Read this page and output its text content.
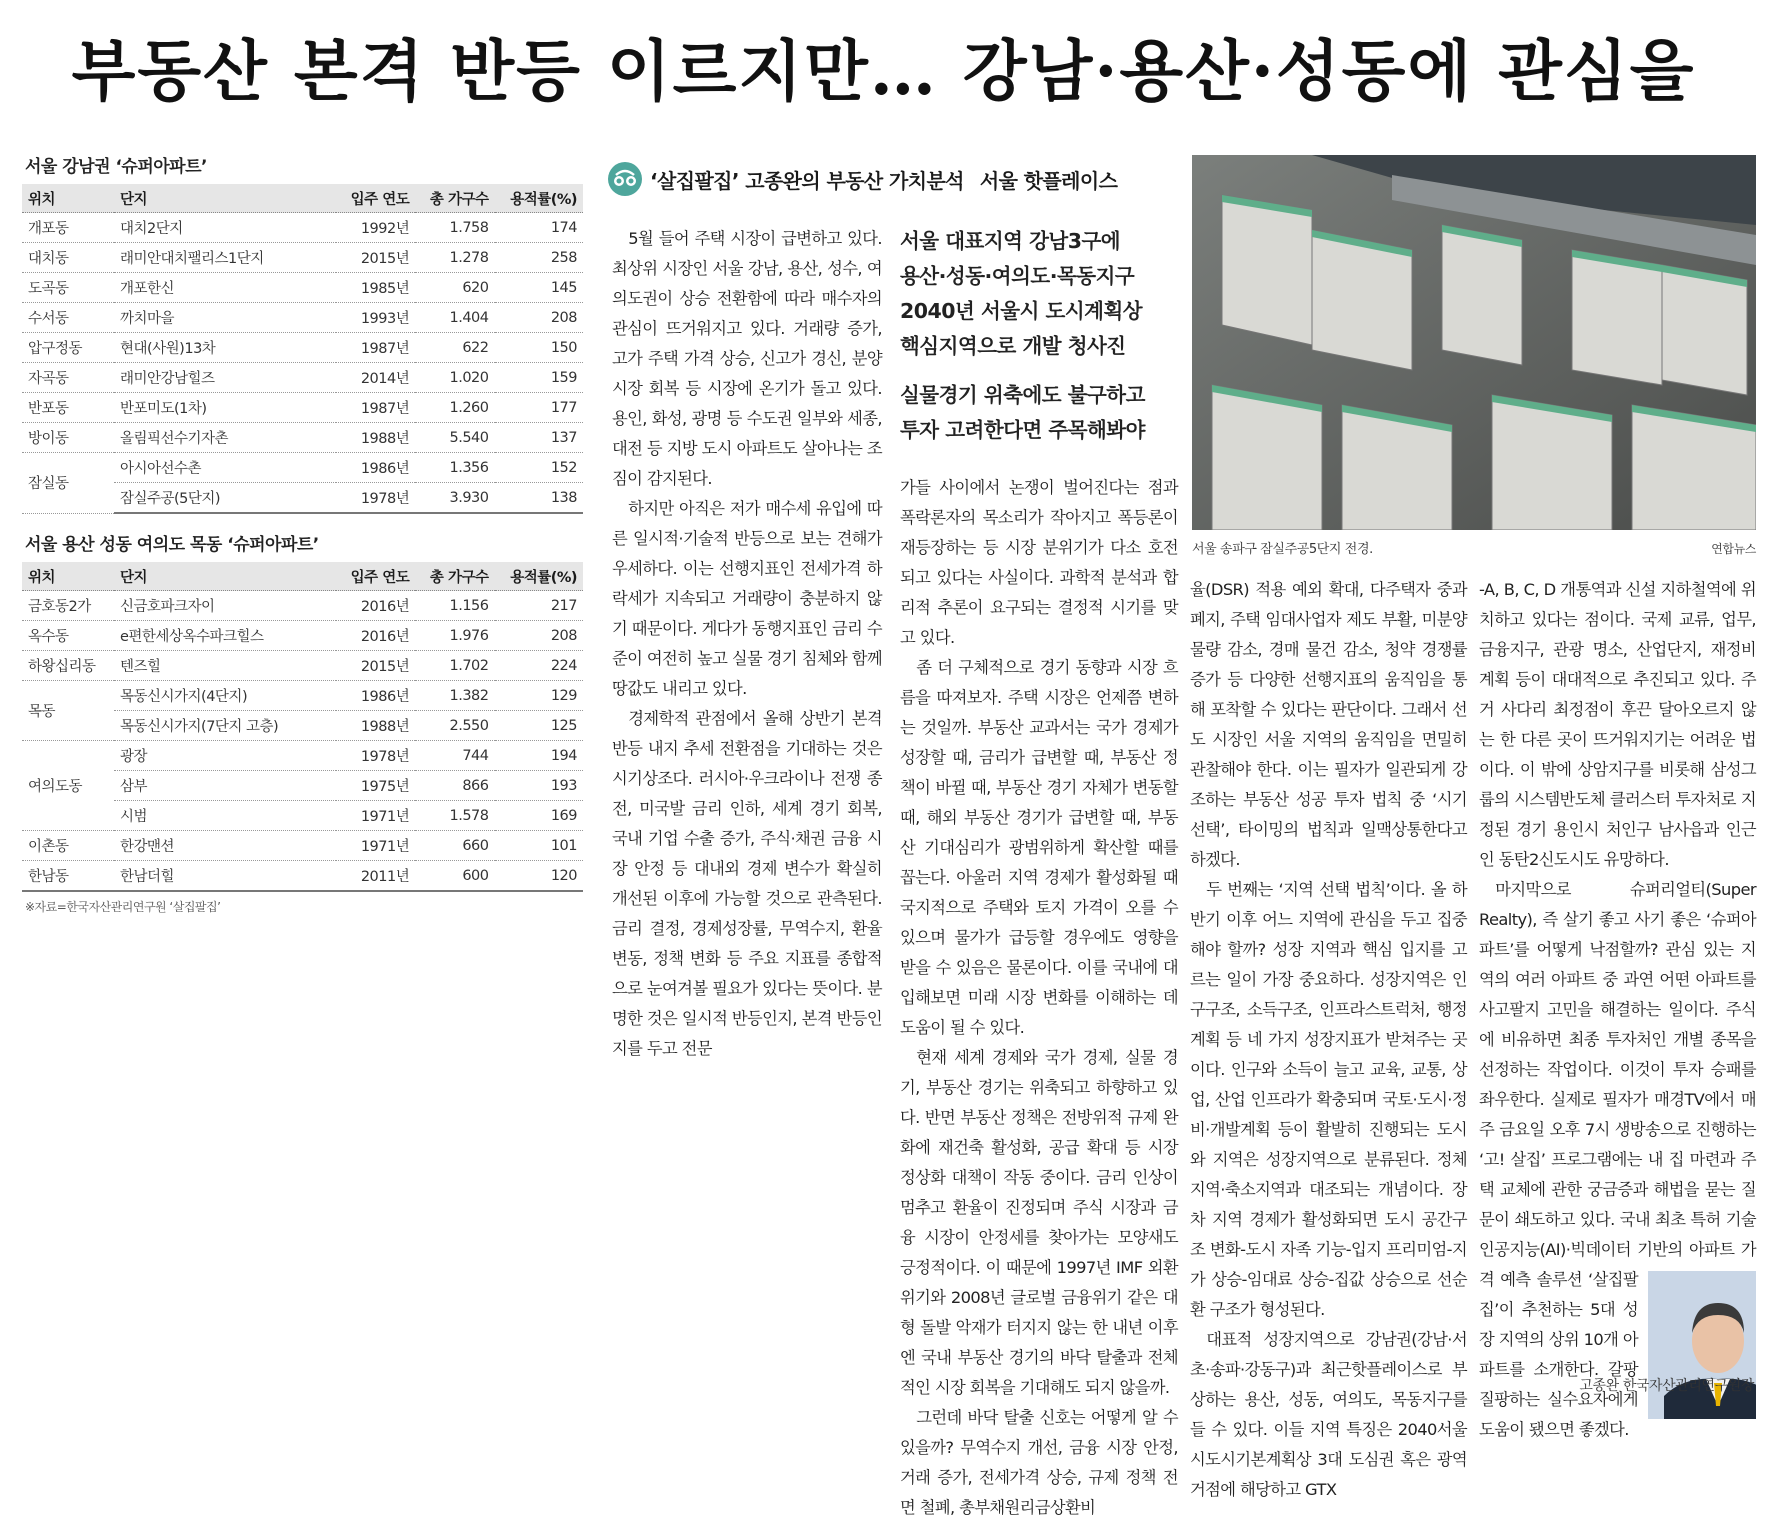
부동산 본격 반등 이르지만… 강남·용산·성동에 관심을
서울 강남권 ‘슈퍼아파트’
위치	단지	입주 연도	총 가구수	용적률(%)
개포동	대치2단지	1992년	1.758	174
대치동	래미안대치팰리스1단지	2015년	1.278	258
도곡동	개포한신	1985년	620	145
수서동	까치마을	1993년	1.404	208
압구정동	현대(사원)13차	1987년	622	150
자곡동	래미안강남힐즈	2014년	1.020	159
반포동	반포미도(1차)	1987년	1.260	177
방이동	올림픽선수기자촌	1988년	5.540	137
잠실동	아시아선수촌	1986년	1.356	152
	잠실주공(5단지)	1978년	3.930	138
서울 용산 성동 여의도 목동 ‘슈퍼아파트’
위치	단지	입주 연도	총 가구수	용적률(%)
금호동2가	신금호파크자이	2016년	1.156	217
옥수동	e편한세상옥수파크힐스	2016년	1.976	208
하왕십리동	텐즈힐	2015년	1.702	224
목동	목동신시가지(4단지)	1986년	1.382	129
	목동신시가지(7단지 고층)	1988년	2.550	125
여의도동	광장	1978년	744	194
	삼부	1975년	866	193
	시범	1971년	1.578	169
이촌동	한강맨션	1971년	660	101
한남동	한남더힐	2011년	600	120
※자료=한국자산관리연구원 ‘살집팔집’
‘살집팔집’ 고종완의 부동산 가치분석 서울 핫플레이스

5월 들어 주택 시장이 급변하고 있다. 최상위 시장인 서울 강남, 용산, 성수, 여의도권이 상승 전환함에 따라 매수자의 관심이 뜨거워지고 있다. 거래량 증가, 고가 주택 가격 상승, 신고가 경신, 분양 시장 회복 등 시장에 온기가 돌고 있다. 용인, 화성, 광명 등 수도권 일부와 세종, 대전 등 지방 도시 아파트도 살아나는 조짐이 감지된다.

하지만 아직은 저가 매수세 유입에 따른 일시적·기술적 반등으로 보는 견해가 우세하다. 이는 선행지표인 전세가격 하락세가 지속되고 거래량이 충분하지 않기 때문이다. 게다가 동행지표인 금리 수준이 여전히 높고 실물 경기 침체와 함께 땅값도 내리고 있다.

경제학적 관점에서 올해 상반기 본격 반등 내지 추세 전환점을 기대하는 것은 시기상조다. 러시아·우크라이나 전쟁 종전, 미국발 금리 인하, 세계 경기 회복, 국내 기업 수출 증가, 주식·채권 금융 시장 안정 등 대내외 경제 변수가 확실히 개선된 이후에 가능할 것으로 관측된다. 금리 결정, 경제성장률, 무역수지, 환율 변동, 정책 변화 등 주요 지표를 종합적으로 눈여겨볼 필요가 있다는 뜻이다. 분명한 것은 일시적 반등인지, 본격 반등인지를 두고 전문

서울 대표지역 강남3구에
용산·성동·여의도·목동지구
2040년 서울시 도시계획상
핵심지역으로 개발 청사진
실물경기 위축에도 불구하고
투자 고려한다면 주목해봐야

가들 사이에서 논쟁이 벌어진다는 점과 폭락론자의 목소리가 작아지고 폭등론이 재등장하는 등 시장 분위기가 다소 호전되고 있다는 사실이다. 과학적 분석과 합리적 추론이 요구되는 결정적 시기를 맞고 있다.

좀 더 구체적으로 경기 동향과 시장 흐름을 따져보자. 주택 시장은 언제쯤 변하는 것일까. 부동산 교과서는 국가 경제가 성장할 때, 금리가 급변할 때, 부동산 정책이 바뀔 때, 부동산 경기 자체가 변동할 때, 해외 부동산 경기가 급변할 때, 부동산 기대심리가 광범위하게 확산할 때를 꼽는다. 아울러 지역 경제가 활성화될 때 국지적으로 주택와 토지 가격이 오를 수 있으며 물가가 급등할 경우에도 영향을 받을 수 있음은 물론이다. 이를 국내에 대입해보면 미래 시장 변화를 이해하는 데 도움이 될 수 있다.

현재 세계 경제와 국가 경제, 실물 경기, 부동산 경기는 위축되고 하향하고 있다. 반면 부동산 정책은 전방위적 규제 완화에 재건축 활성화, 공급 확대 등 시장 정상화 대책이 작동 중이다. 금리 인상이 멈추고 환율이 진정되며 주식 시장과 금융 시장이 안정세를 찾아가는 모양새도 긍정적이다. 이 때문에 1997년 IMF 외환위기와 2008년 글로벌 금융위기 같은 대형 돌발 악재가 터지지 않는 한 내년 이후엔 국내 부동산 경기의 바닥 탈출과 전체적인 시장 회복을 기대해도 되지 않을까.

그런데 바닥 탈출 신호는 어떻게 알 수 있을까? 무역수지 개선, 금융 시장 안정, 거래 증가, 전세가격 상승, 규제 정책 전면 철폐, 총부채원리금상환비

서울 송파구 잠실주공5단지 전경.	연합뉴스

율(DSR) 적용 예외 확대, 다주택자 중과 폐지, 주택 임대사업자 제도 부활, 미분양 물량 감소, 경매 물건 감소, 청약 경쟁률 증가 등 다양한 선행지표의 움직임을 통해 포착할 수 있다는 판단이다. 그래서 선도 시장인 서울 지역의 움직임을 면밀히 관찰해야 한다. 이는 필자가 일관되게 강조하는 부동산 성공 투자 법칙 중 ‘시기 선택’, 타이밍의 법칙과 일맥상통한다고 하겠다.

두 번째는 ‘지역 선택 법칙’이다. 올 하반기 이후 어느 지역에 관심을 두고 집중해야 할까? 성장 지역과 핵심 입지를 고르는 일이 가장 중요하다. 성장지역은 인구구조, 소득구조, 인프라스트럭처, 행정계획 등 네 가지 성장지표가 받쳐주는 곳이다. 인구와 소득이 늘고 교육, 교통, 상업, 산업 인프라가 확충되며 국토·도시·정비·개발계획 등이 활발히 진행되는 도시와 지역은 성장지역으로 분류된다. 정체지역·축소지역과 대조되는 개념이다. 장차 지역 경제가 활성화되면 도시 공간구조 변화-도시 자족 기능-입지 프리미엄-지가 상승-임대료 상승-집값 상승으로 선순환 구조가 형성된다.

대표적 성장지역으로 강남권(강남·서초·송파·강동구)과 최근핫플레이스로 부상하는 용산, 성동, 여의도, 목동지구를 들 수 있다. 이들 지역 특징은 2040서울시도시기본계획상 3대 도심권 혹은 광역 거점에 해당하고 GTX

-A, B, C, D 개통역과 신설 지하철역에 위치하고 있다는 점이다. 국제 교류, 업무, 금융지구, 관광 명소, 산업단지, 재정비 계획 등이 대대적으로 추진되고 있다. 주거 사다리 최정점이 후끈 달아오르지 않는 한 다른 곳이 뜨거워지기는 어려운 법이다. 이 밖에 상암지구를 비롯해 삼성그룹의 시스템반도체 클러스터 투자처로 지정된 경기 용인시 처인구 남사읍과 인근인 동탄2신도시도 유망하다.

마지막으로 슈퍼리얼티(Super Realty), 즉 살기 좋고 사기 좋은 ‘슈퍼아파트’를 어떻게 낙점할까? 관심 있는 지역의 여러 아파트 중 과연 어떤 아파트를 사고팔지 고민을 해결하는 일이다. 주식에 비유하면 최종 투자처인 개별 종목을 선정하는 작업이다. 이것이 투자 승패를 좌우한다. 실제로 필자가 매경TV에서 매주 금요일 오후 7시 생방송으로 진행하는 ‘고! 살집’ 프로그램에는 내 집 마련과 주택 교체에 관한 궁금증과 해법을 묻는 질문이 쇄도하고 있다. 국내 최초 특허 기술 인공지능(AI)·빅데이터 기반의 아파트
가격 예측 솔루션 ‘살집팔집’이 추천하는 5대 성장 지역의 상위 10개 아파트를 소개한다. 갈팡질팡하는 실수요자에게 도움이 됐으면 좋겠다.

고종완 한국자산관리연구원장
